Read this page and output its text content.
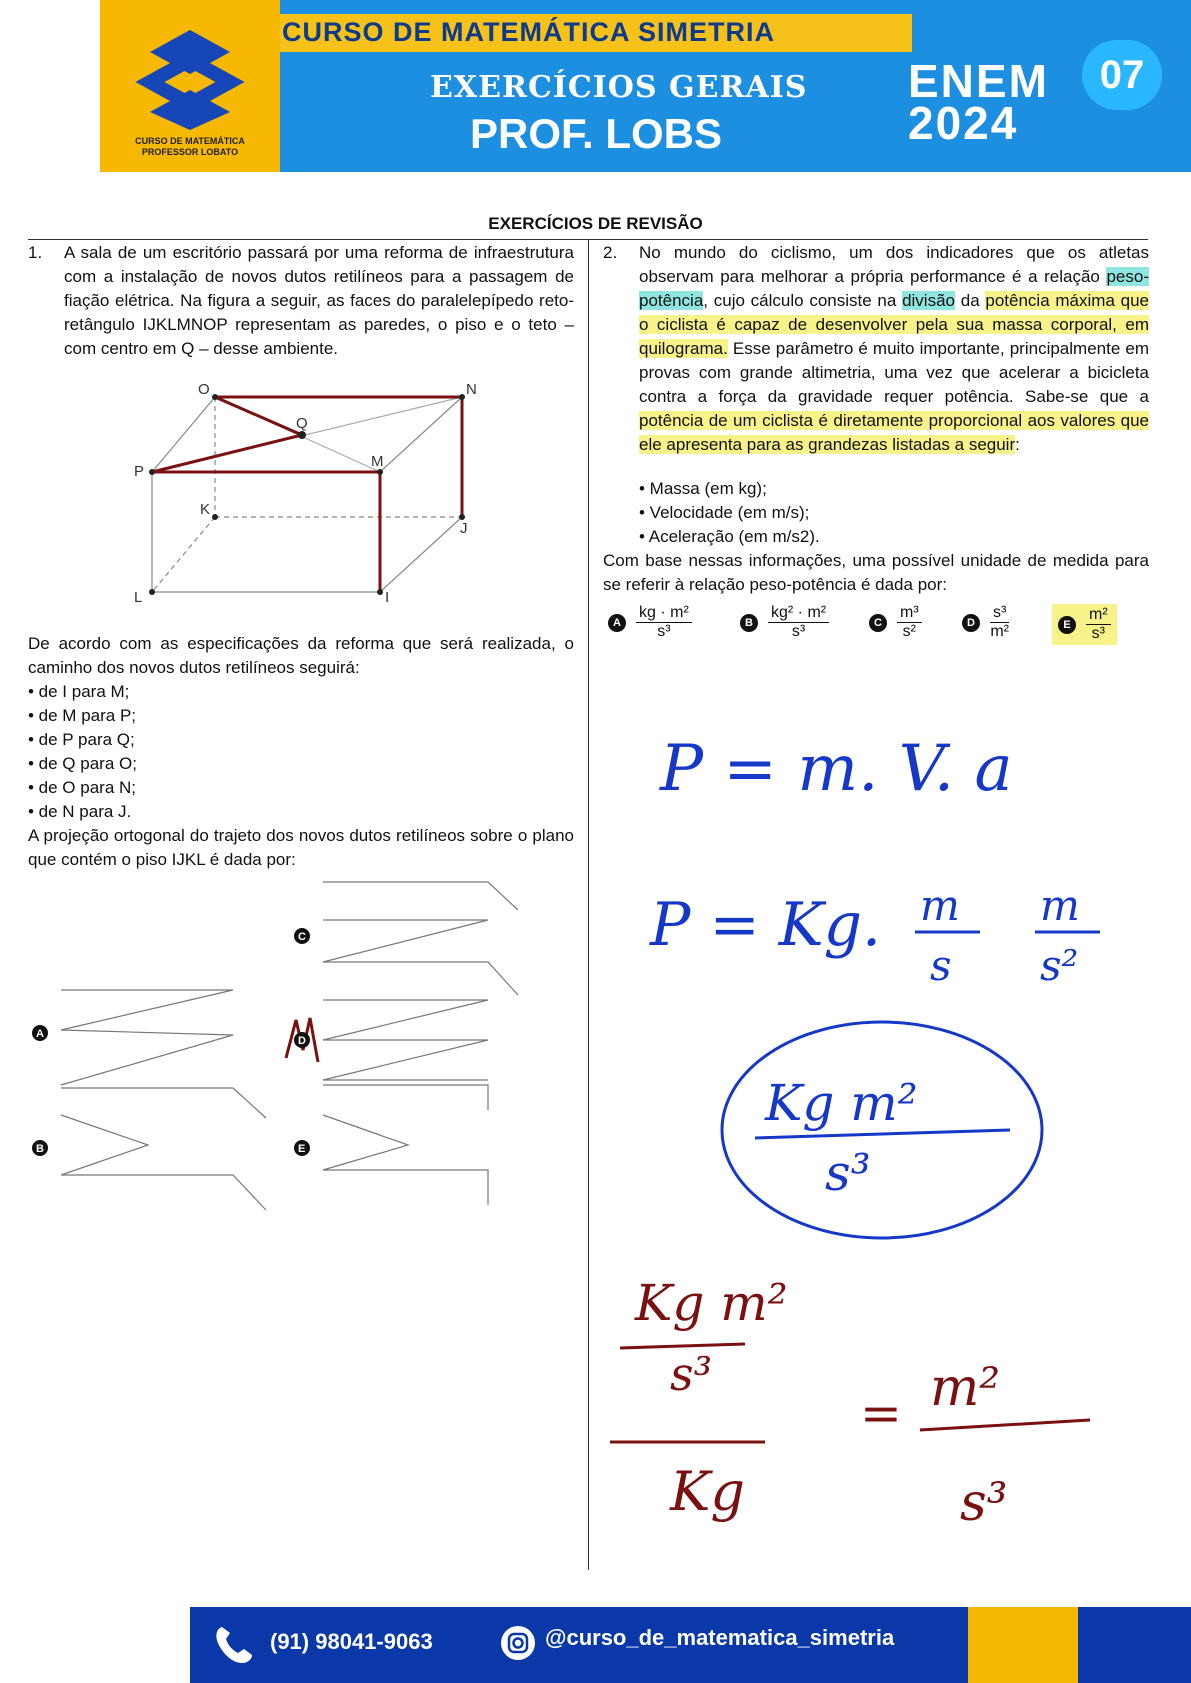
CURSO DE MATEMÁTICA
PROFESSOR LOBATO
CURSO DE MATEMÁTICA SIMETRIA
EXERCÍCIOS GERAIS
PROF. LOBS
ENEM
2024
07
EXERCÍCIOS DE REVISÃO
1. A sala de um escritório passará por uma reforma de infraestrutura com a instalação de novos dutos retilíneos para a passagem de fiação elétrica. Na figura a seguir, as faces do paralelepípedo reto-retângulo IJKLMNOP representam as paredes, o piso e o teto – com centro em Q – desse ambiente.
O	N
Q
P
M
K
J
L	I
De acordo com as especificações da reforma que será realizada, o caminho dos novos dutos retilíneos seguirá:
• de I para M;
• de M para P;
• de P para Q;
• de Q para O;
• de O para N;
• de N para J.
A projeção ortogonal do trajeto dos novos dutos retilíneos sobre o plano que contém o piso IJKL é dada por:
A
B
C
D
E
2. No mundo do ciclismo, um dos indicadores que os atletas observam para melhorar a própria performance é a relação peso-potência, cujo cálculo consiste na divisão da potência máxima que o ciclista é capaz de desenvolver pela sua massa corporal, em quilograma. Esse parâmetro é muito importante, principalmente em provas com grande altimetria, uma vez que acelerar a bicicleta contra a força da gravidade requer potência. Sabe-se que a potência de um ciclista é diretamente proporcional aos valores que ele apresenta para as grandezas listadas a seguir:
• Massa (em kg);
• Velocidade (em m/s);
• Aceleração (em m/s2).
Com base nessas informações, uma possível unidade de medida para se referir à relação peso-potência é dada por:
A $\frac{\text{kg · m²}}{\text{s³}}$	B $\frac{\text{kg² · m²}}{\text{s³}}$	C $\frac{\text{m³}}{\text{s²}}$	D $\frac{\text{s³}}{\text{m²}}$	E $\frac{\text{m²}}{\text{s³}}$
P = m. V. a
P = Kg. m
s
m
s²
Kg m²
s³
Kg m²
s³
Kg
= m²
s³
(91) 98041-9063	@curso_de_matematica_simetria
